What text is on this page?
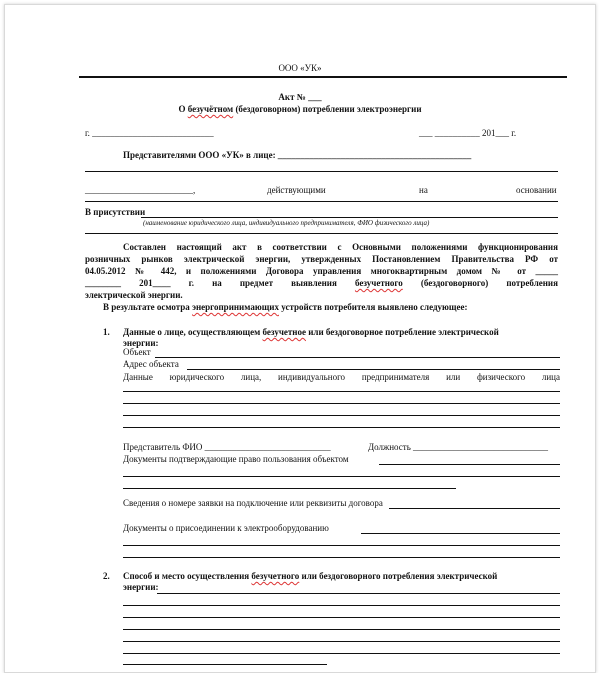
ООО «УК»
Акт № ___
О безучётном (бездоговорном) потреблении электроэнергии
г. ___________________________	___ __________ 201___ г.
Представителями ООО «УК» в лице: ___________________________________________
________________________,	действующими	на	основании
В присутствии
(наименование юридического лица, индивидуального предпринимателя, ФИО физического лица)
Составлен настоящий акт в соответствии с Основными положениями функционирования
розничных рынков электрической энергии, утвержденных Постановлением Правительства РФ от
04.05.2012 № 442, и положениями Договора управления многоквартирным домом № от _____
________ 201____ г. на предмет выявления безучетного (бездоговорного) потребления
электрической энергии.
В результате осмотра энергопринимающих устройств потребителя выявлено следующее:
1. Данные о лице, осуществляющем безучетное или бездоговорное потребление электрической
энергии:
Объект
Адрес объекта
Данные юридического лица, индивидуального предпринимателя или физического лица
Представитель ФИО ____________________________	Должность ______________________________
Документы подтверждающие право пользования объектом
Сведения о номере заявки на подключение или реквизиты договора
Документы о присоединении к электрооборудованию
2. Способ и место осуществления безучетного или бездоговорного потребления электрической
энергии:
